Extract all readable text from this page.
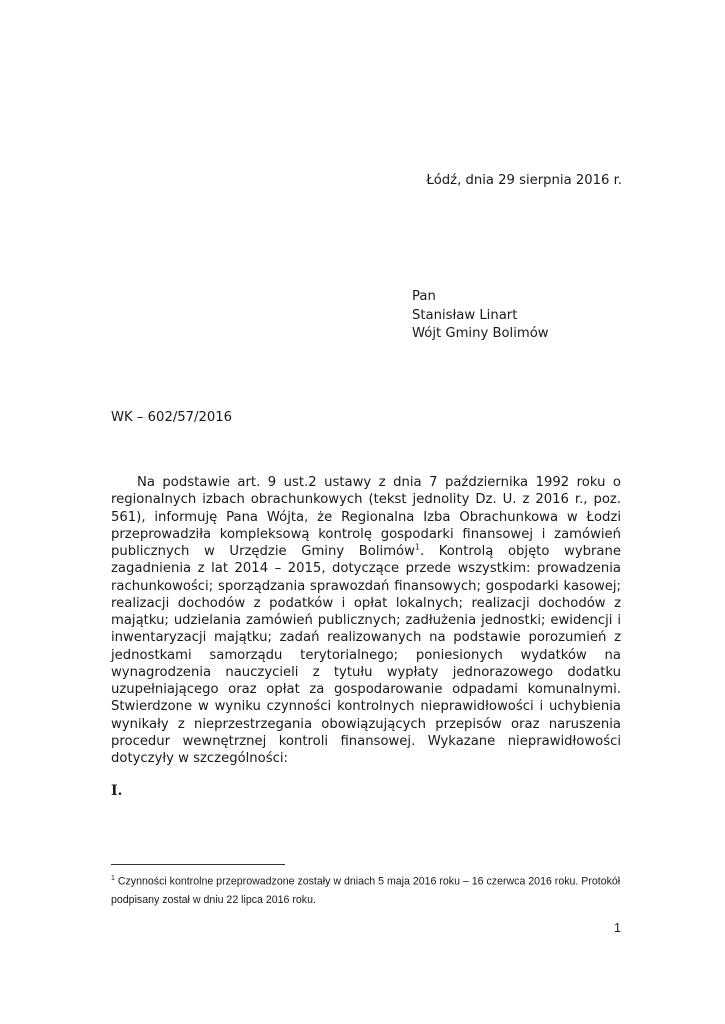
Łódź, dnia 29 sierpnia 2016 r.
Pan
Stanisław Linart
Wójt Gminy Bolimów
WK – 602/57/2016

Na podstawie art. 9 ust.2 ustawy z dnia 7 października 1992 roku o regionalnych izbach obrachunkowych (tekst jednolity Dz. U. z 2016 r., poz. 561), informuję Pana Wójta, że Regionalna Izba Obrachunkowa w Łodzi przeprowadziła kompleksową kontrolę gospodarki finansowej i zamówień publicznych w Urzędzie Gminy Bolimów$^1$. Kontrolą objęto wybrane zagadnienia z lat 2014 – 2015, dotyczące przede wszystkim: prowadzenia rachunkowości; sporządzania sprawozdań finansowych; gospodarki kasowej; realizacji dochodów z podatków i opłat lokalnych; realizacji dochodów z majątku; udzielania zamówień publicznych; zadłużenia jednostki; ewidencji i inwentaryzacji majątku; zadań realizowanych na podstawie porozumień z jednostkami samorządu terytorialnego; poniesionych wydatków na wynagrodzenia nauczycieli z tytułu wypłaty jednorazowego dodatku uzupełniającego oraz opłat za gospodarowanie odpadami komunalnymi. Stwierdzone w wyniku czynności kontrolnych nieprawidłowości i uchybienia wynikały z nieprzestrzegania obowiązujących przepisów oraz naruszenia procedur wewnętrznej kontroli finansowej. Wykazane nieprawidłowości dotyczyły w szczególności:

I.

$^1$ Czynności kontrolne przeprowadzone zostały w dniach 5 maja 2016 roku – 16 czerwca 2016 roku. Protokół podpisany został w dniu 22 lipca 2016 roku.

1
